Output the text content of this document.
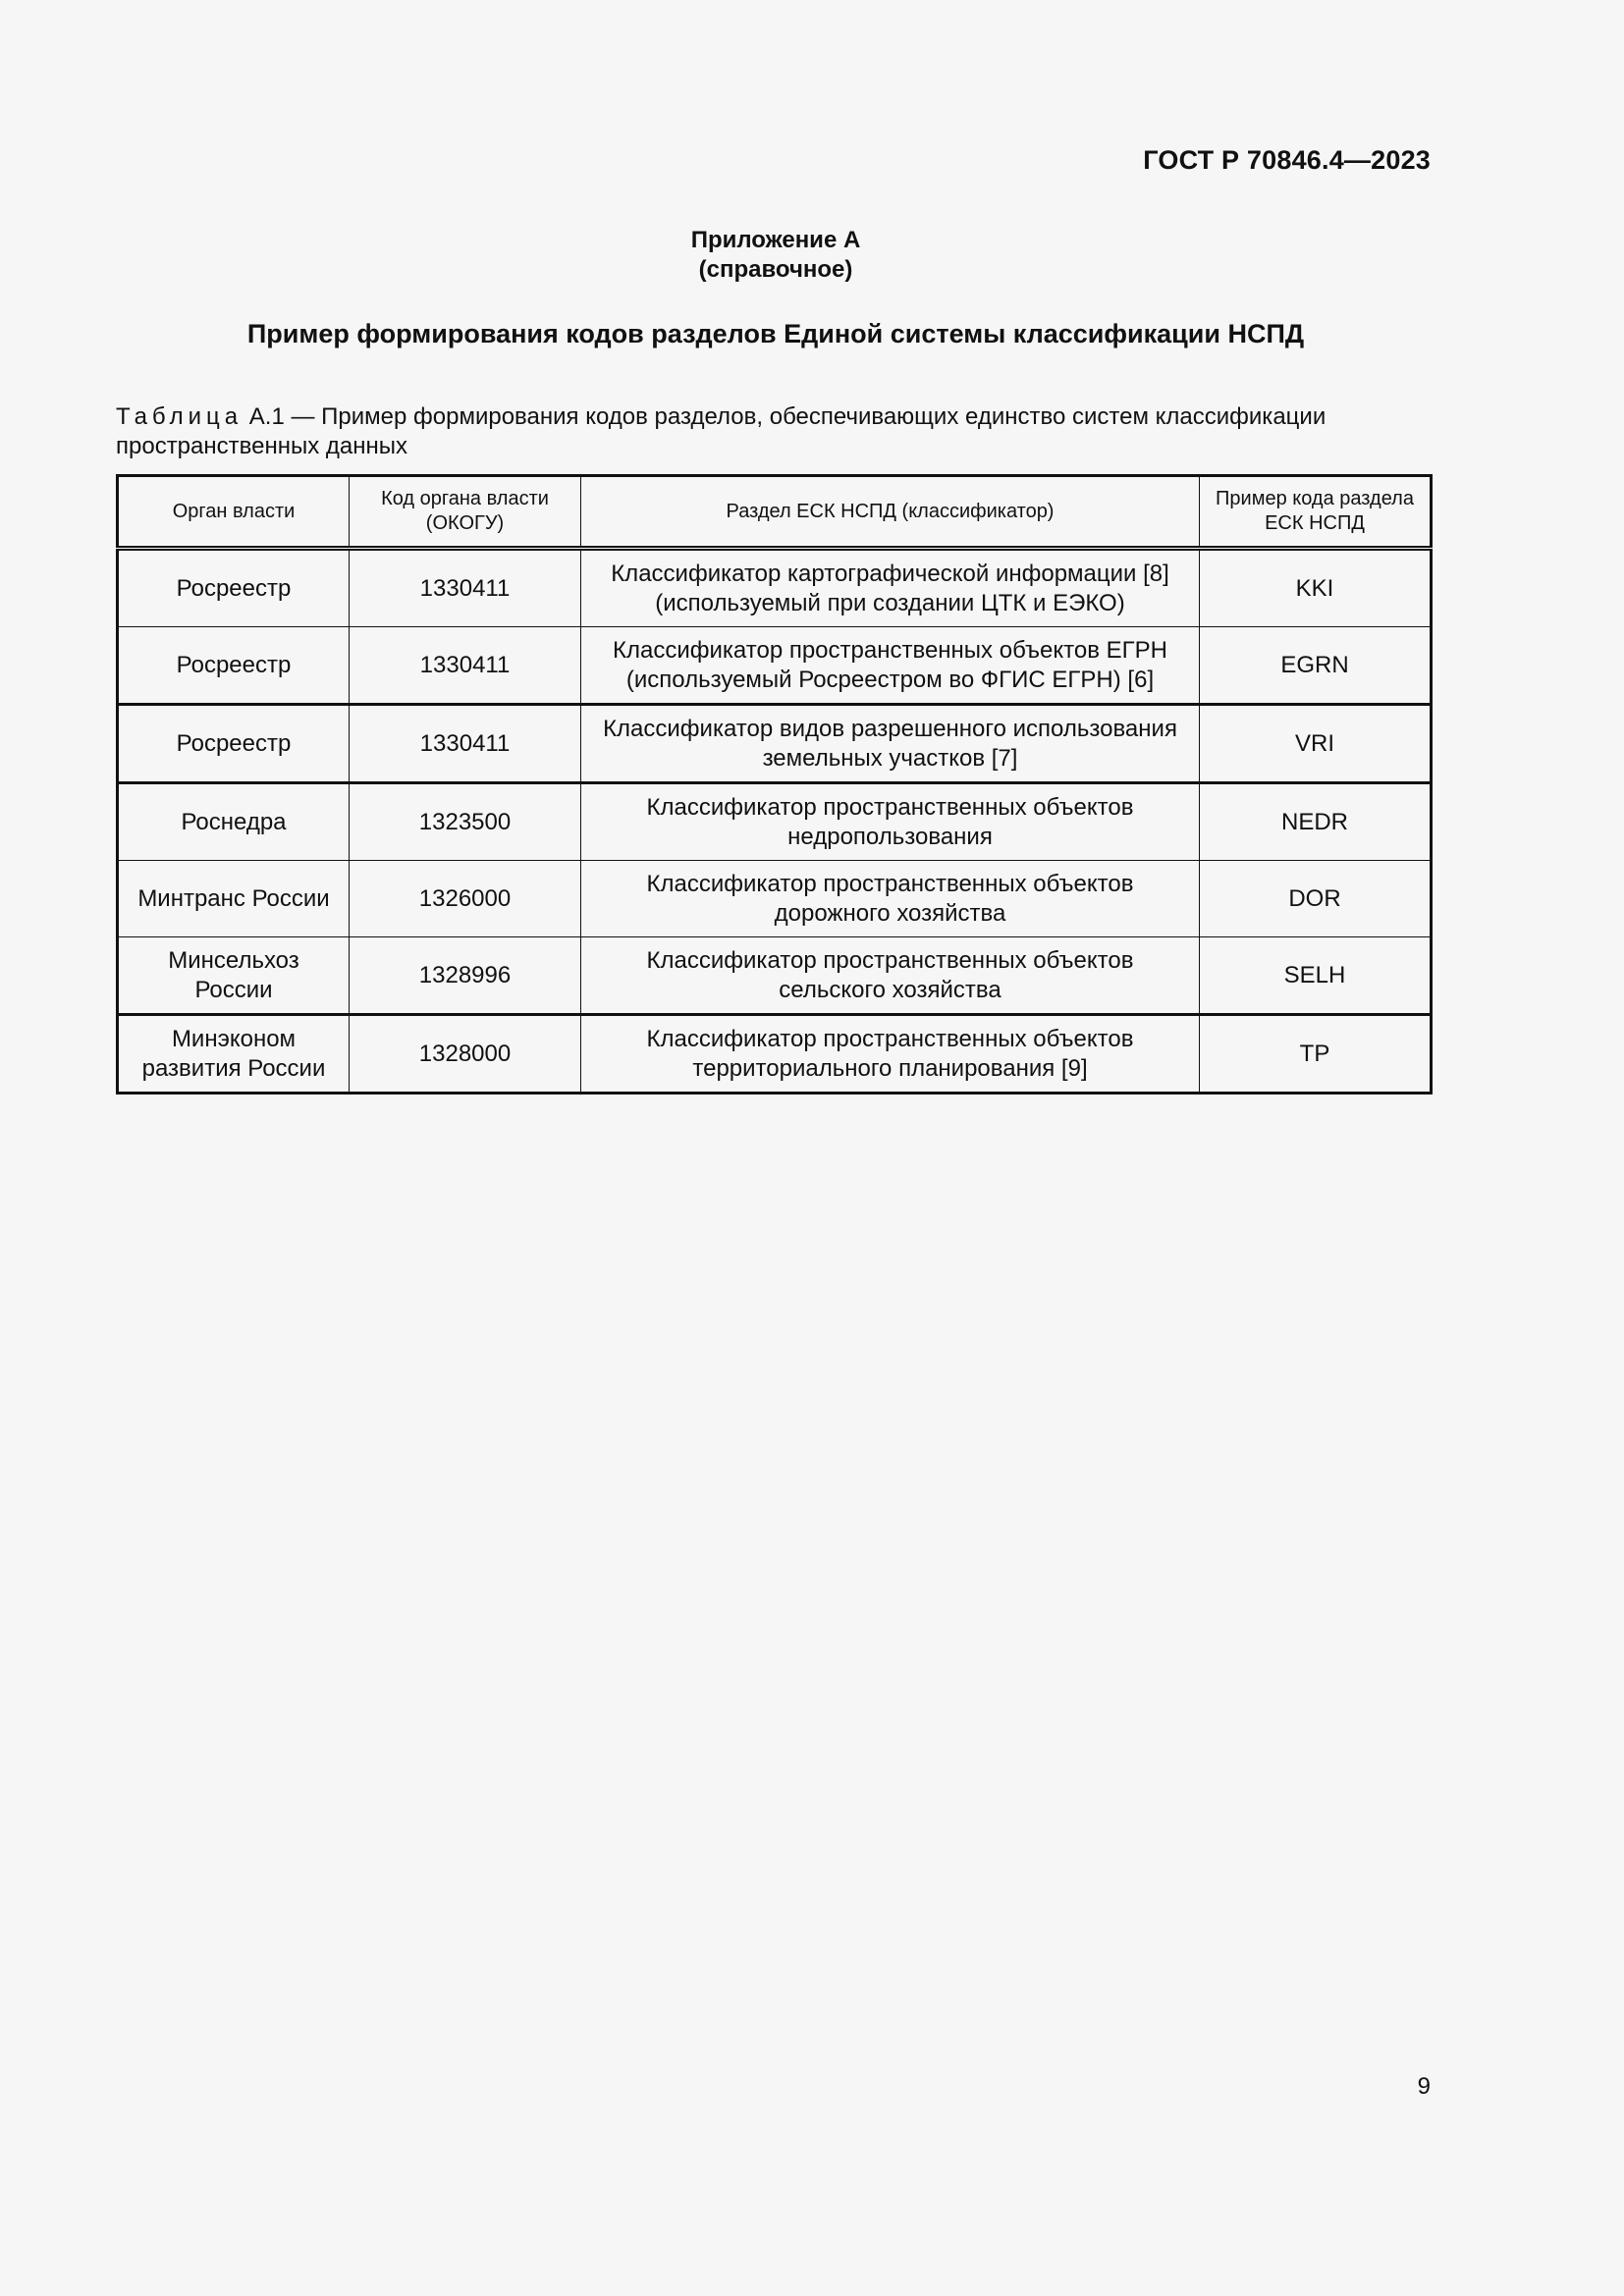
ГОСТ Р 70846.4—2023
Приложение А
(справочное)
Пример формирования кодов разделов Единой системы классификации НСПД
Таблица А.1 — Пример формирования кодов разделов, обеспечивающих единство систем классификации пространственных данных
Орган власти	Код органа власти (ОКОГУ)	Раздел ЕСК НСПД (классификатор)	Пример кода раздела ЕСК НСПД
Росреестр	1330411	Классификатор картографической информации [8] (используемый при создании ЦТК и ЕЭКО)	KKI
Росреестр	1330411	Классификатор пространственных объектов ЕГРН (используемый Росреестром во ФГИС ЕГРН) [6]	EGRN
Росреестр	1330411	Классификатор видов разрешенного использования земельных участков [7]	VRI
Роснедра	1323500	Классификатор пространственных объектов недропользования	NEDR
Минтранс России	1326000	Классификатор пространственных объектов дорожного хозяйства	DOR
Минсельхоз России	1328996	Классификатор пространственных объектов сельского хозяйства	SELH
Минэконом развития России	1328000	Классификатор пространственных объектов территориального планирования [9]	TP
9
